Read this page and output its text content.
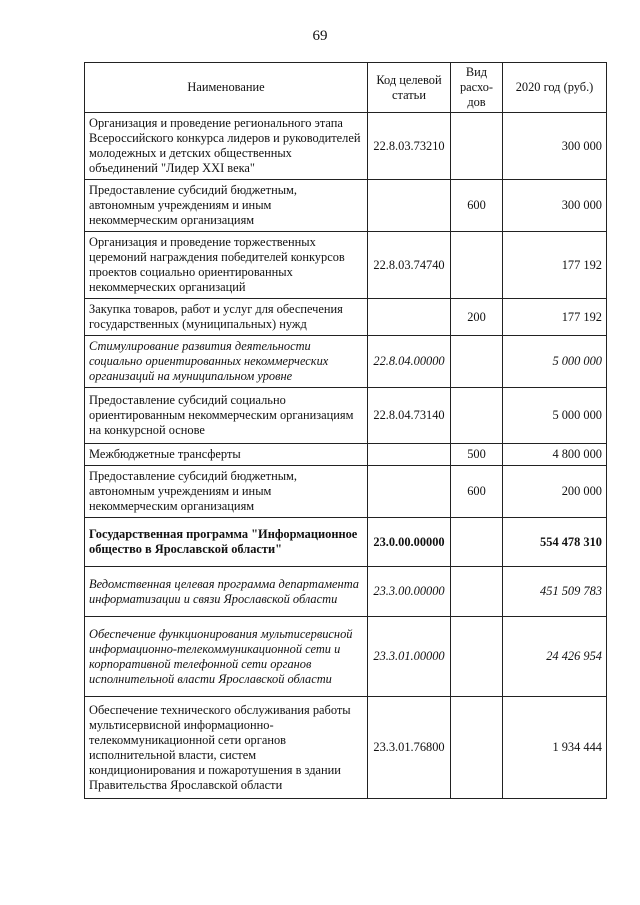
69
Наименование	Код целевой статьи	Вид расхо-дов	2020 год (руб.)
Организация и проведение регионального этапа Всероссийского конкурса лидеров и руководителей молодежных и детских общественных объединений "Лидер XXI века"	22.8.03.73210		300 000
Предоставление субсидий бюджетным, автономным учреждениям и иным некоммерческим организациям		600	300 000
Организация и проведение торжественных церемоний награждения победителей конкурсов проектов социально ориентированных некоммерческих организаций	22.8.03.74740		177 192
Закупка товаров, работ и услуг для обеспечения государственных (муниципальных) нужд		200	177 192
Стимулирование развития деятельности социально ориентированных некоммерческих организаций на муниципальном уровне	22.8.04.00000		5 000 000
Предоставление субсидий социально ориентированным некоммерческим организациям на конкурсной основе	22.8.04.73140		5 000 000
Межбюджетные трансферты		500	4 800 000
Предоставление субсидий бюджетным, автономным учреждениям и иным некоммерческим организациям		600	200 000
Государственная программа "Информационное общество в Ярославской области"	23.0.00.00000		554 478 310
Ведомственная целевая программа департамента информатизации и связи Ярославской области	23.3.00.00000		451 509 783
Обеспечение функционирования мультисервисной информационно-телекоммуникационной сети и корпоративной телефонной сети органов исполнительной власти Ярославской области	23.3.01.00000		24 426 954
Обеспечение технического обслуживания работы мультисервисной информационно-телекоммуникационной сети органов исполнительной власти, систем кондиционирования и пожаротушения в здании Правительства Ярославской области	23.3.01.76800		1 934 444
